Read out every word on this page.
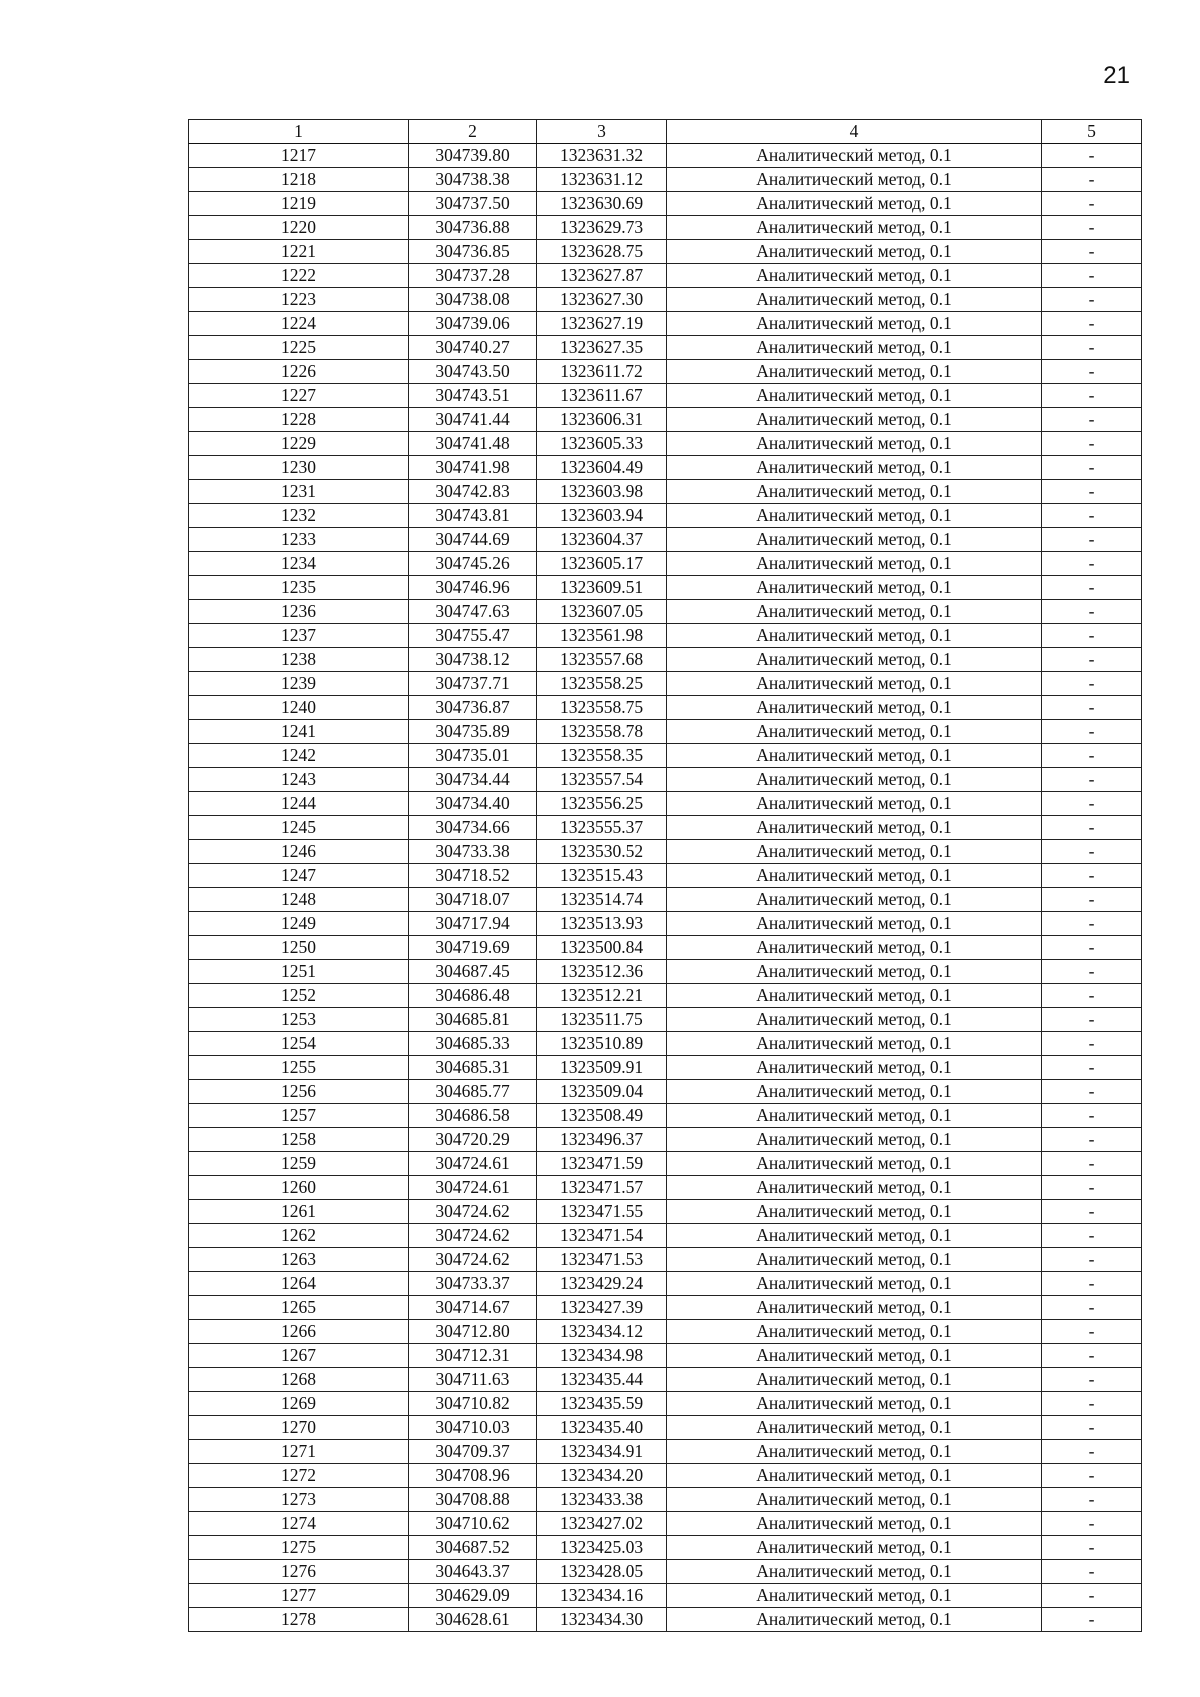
21
1	2	3	4	5
1217	304739.80	1323631.32	Аналитический метод, 0.1	-
1218	304738.38	1323631.12	Аналитический метод, 0.1	-
1219	304737.50	1323630.69	Аналитический метод, 0.1	-
1220	304736.88	1323629.73	Аналитический метод, 0.1	-
1221	304736.85	1323628.75	Аналитический метод, 0.1	-
1222	304737.28	1323627.87	Аналитический метод, 0.1	-
1223	304738.08	1323627.30	Аналитический метод, 0.1	-
1224	304739.06	1323627.19	Аналитический метод, 0.1	-
1225	304740.27	1323627.35	Аналитический метод, 0.1	-
1226	304743.50	1323611.72	Аналитический метод, 0.1	-
1227	304743.51	1323611.67	Аналитический метод, 0.1	-
1228	304741.44	1323606.31	Аналитический метод, 0.1	-
1229	304741.48	1323605.33	Аналитический метод, 0.1	-
1230	304741.98	1323604.49	Аналитический метод, 0.1	-
1231	304742.83	1323603.98	Аналитический метод, 0.1	-
1232	304743.81	1323603.94	Аналитический метод, 0.1	-
1233	304744.69	1323604.37	Аналитический метод, 0.1	-
1234	304745.26	1323605.17	Аналитический метод, 0.1	-
1235	304746.96	1323609.51	Аналитический метод, 0.1	-
1236	304747.63	1323607.05	Аналитический метод, 0.1	-
1237	304755.47	1323561.98	Аналитический метод, 0.1	-
1238	304738.12	1323557.68	Аналитический метод, 0.1	-
1239	304737.71	1323558.25	Аналитический метод, 0.1	-
1240	304736.87	1323558.75	Аналитический метод, 0.1	-
1241	304735.89	1323558.78	Аналитический метод, 0.1	-
1242	304735.01	1323558.35	Аналитический метод, 0.1	-
1243	304734.44	1323557.54	Аналитический метод, 0.1	-
1244	304734.40	1323556.25	Аналитический метод, 0.1	-
1245	304734.66	1323555.37	Аналитический метод, 0.1	-
1246	304733.38	1323530.52	Аналитический метод, 0.1	-
1247	304718.52	1323515.43	Аналитический метод, 0.1	-
1248	304718.07	1323514.74	Аналитический метод, 0.1	-
1249	304717.94	1323513.93	Аналитический метод, 0.1	-
1250	304719.69	1323500.84	Аналитический метод, 0.1	-
1251	304687.45	1323512.36	Аналитический метод, 0.1	-
1252	304686.48	1323512.21	Аналитический метод, 0.1	-
1253	304685.81	1323511.75	Аналитический метод, 0.1	-
1254	304685.33	1323510.89	Аналитический метод, 0.1	-
1255	304685.31	1323509.91	Аналитический метод, 0.1	-
1256	304685.77	1323509.04	Аналитический метод, 0.1	-
1257	304686.58	1323508.49	Аналитический метод, 0.1	-
1258	304720.29	1323496.37	Аналитический метод, 0.1	-
1259	304724.61	1323471.59	Аналитический метод, 0.1	-
1260	304724.61	1323471.57	Аналитический метод, 0.1	-
1261	304724.62	1323471.55	Аналитический метод, 0.1	-
1262	304724.62	1323471.54	Аналитический метод, 0.1	-
1263	304724.62	1323471.53	Аналитический метод, 0.1	-
1264	304733.37	1323429.24	Аналитический метод, 0.1	-
1265	304714.67	1323427.39	Аналитический метод, 0.1	-
1266	304712.80	1323434.12	Аналитический метод, 0.1	-
1267	304712.31	1323434.98	Аналитический метод, 0.1	-
1268	304711.63	1323435.44	Аналитический метод, 0.1	-
1269	304710.82	1323435.59	Аналитический метод, 0.1	-
1270	304710.03	1323435.40	Аналитический метод, 0.1	-
1271	304709.37	1323434.91	Аналитический метод, 0.1	-
1272	304708.96	1323434.20	Аналитический метод, 0.1	-
1273	304708.88	1323433.38	Аналитический метод, 0.1	-
1274	304710.62	1323427.02	Аналитический метод, 0.1	-
1275	304687.52	1323425.03	Аналитический метод, 0.1	-
1276	304643.37	1323428.05	Аналитический метод, 0.1	-
1277	304629.09	1323434.16	Аналитический метод, 0.1	-
1278	304628.61	1323434.30	Аналитический метод, 0.1	-
